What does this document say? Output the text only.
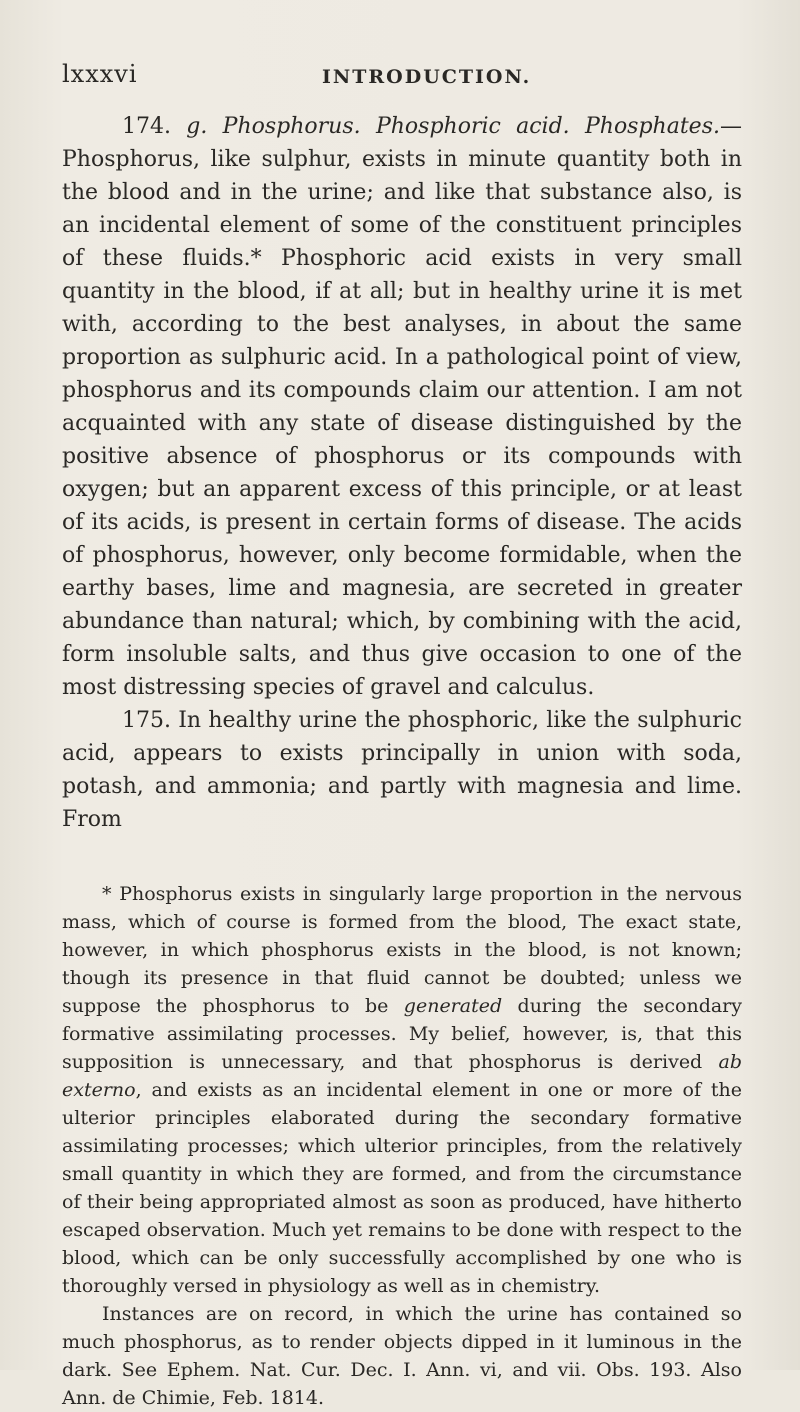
lxxxvi	INTRODUCTION.

174. g. Phosphorus. Phosphoric acid. Phosphates.—Phosphorus, like sulphur, exists in minute quantity both in the blood and in the urine; and like that substance also, is an incidental element of some of the constituent principles of these fluids.* Phosphoric acid exists in very small quantity in the blood, if at all; but in healthy urine it is met with, according to the best analyses, in about the same proportion as sulphuric acid. In a pathological point of view, phosphorus and its compounds claim our attention. I am not acquainted with any state of disease distinguished by the positive absence of phosphorus or its compounds with oxygen; but an apparent excess of this principle, or at least of its acids, is present in certain forms of disease. The acids of phosphorus, however, only become formidable, when the earthy bases, lime and magnesia, are secreted in greater abundance than natural; which, by combining with the acid, form insoluble salts, and thus give occasion to one of the most distressing species of gravel and calculus.

175. In healthy urine the phosphoric, like the sulphuric acid, appears to exists principally in union with soda, potash, and ammonia; and partly with magnesia and lime. From

* Phosphorus exists in singularly large proportion in the nervous mass, which of course is formed from the blood, The exact state, however, in which phosphorus exists in the blood, is not known; though its presence in that fluid cannot be doubted; unless we suppose the phosphorus to be generated during the secondary formative assimilating processes. My belief, however, is, that this supposition is unnecessary, and that phosphorus is derived ab externo, and exists as an incidental element in one or more of the ulterior principles elaborated during the secondary formative assimilating processes; which ulterior principles, from the relatively small quantity in which they are formed, and from the circumstance of their being appropriated almost as soon as produced, have hitherto escaped observation. Much yet remains to be done with respect to the blood, which can be only successfully accomplished by one who is thoroughly versed in physiology as well as in chemistry.

Instances are on record, in which the urine has contained so much phosphorus, as to render objects dipped in it luminous in the dark. See Ephem. Nat. Cur. Dec. I. Ann. vi, and vii. Obs. 193. Also Ann. de Chimie, Feb. 1814.
